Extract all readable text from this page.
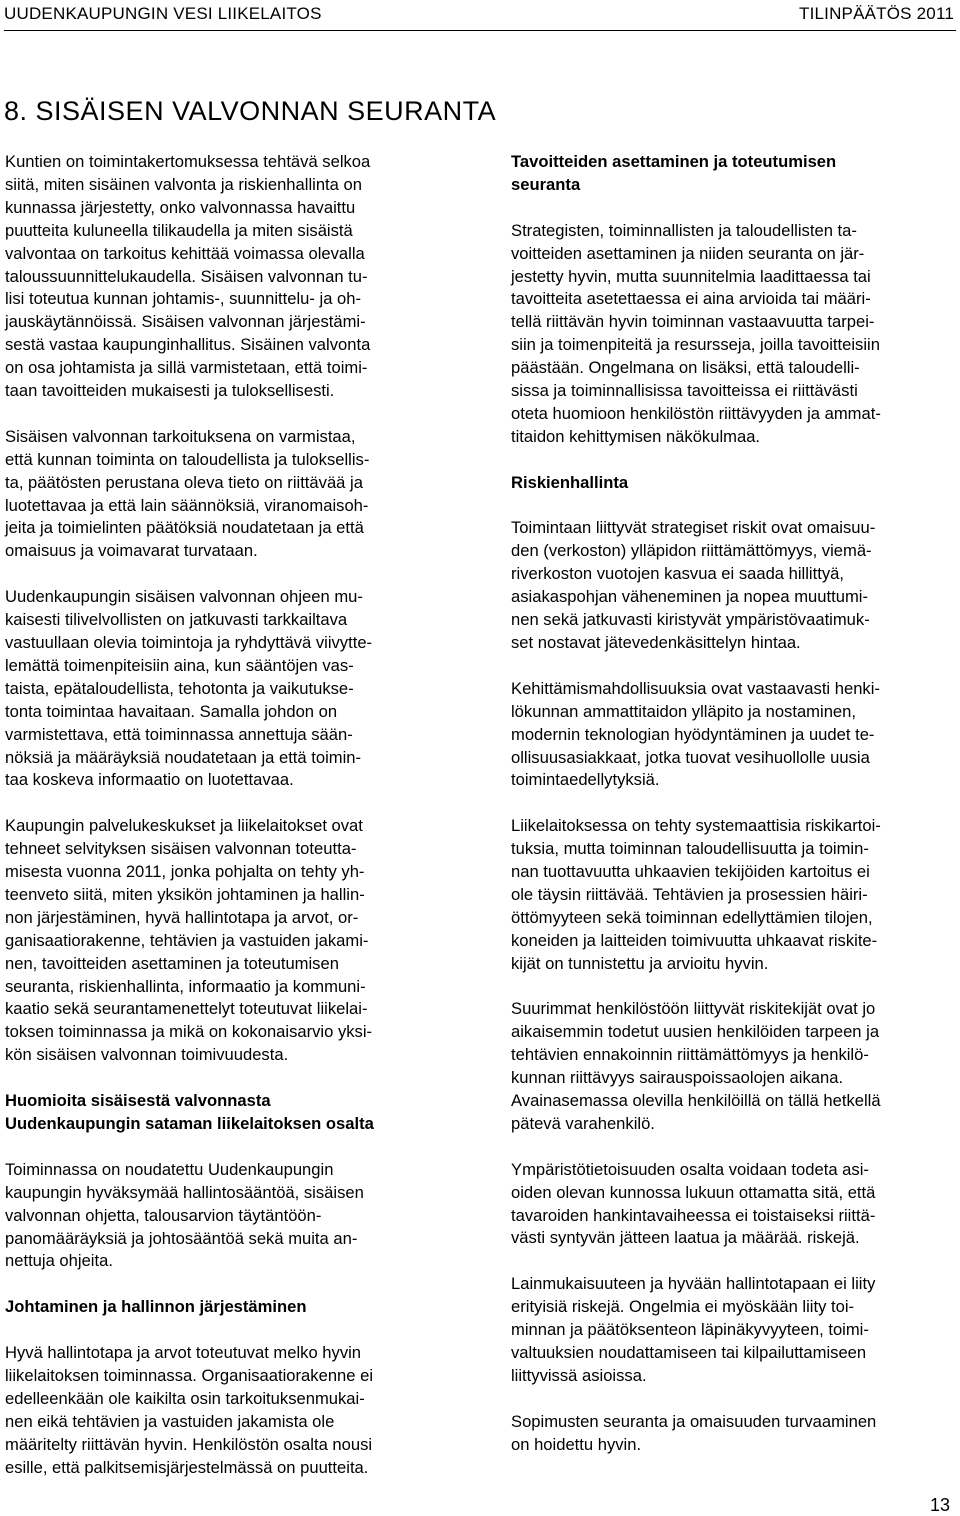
UUDENKAUPUNGIN VESI LIIKELAITOS	TILINPÄÄTÖS 2011
8. SISÄISEN VALVONNAN SEURANTA

Kuntien on toimintakertomuksessa tehtävä selkoa

siitä, miten sisäinen valvonta ja riskienhallinta on

kunnassa järjestetty, onko valvonnassa havaittu

puutteita kuluneella tilikaudella ja miten sisäistä

valvontaa on tarkoitus kehittää voimassa olevalla

taloussuunnittelukaudella. Sisäisen valvonnan tu-

lisi toteutua kunnan johtamis-, suunnittelu- ja oh-

jauskäytännöissä. Sisäisen valvonnan järjestämi-

sestä vastaa kaupunginhallitus. Sisäinen valvonta

on osa johtamista ja sillä varmistetaan, että toimi-

taan tavoitteiden mukaisesti ja tuloksellisesti.

Sisäisen valvonnan tarkoituksena on varmistaa,

että kunnan toiminta on taloudellista ja tuloksellis-

ta, päätösten perustana oleva tieto on riittävää ja

luotettavaa ja että lain säännöksiä, viranomaisoh-

jeita ja toimielinten päätöksiä noudatetaan ja että

omaisuus ja voimavarat turvataan.

Uudenkaupungin sisäisen valvonnan ohjeen mu-

kaisesti tilivelvollisten on jatkuvasti tarkkailtava

vastuullaan olevia toimintoja ja ryhdyttävä viivytte-

lemättä toimenpiteisiin aina, kun sääntöjen vas-

taista, epätaloudellista, tehotonta ja vaikutukse-

tonta toimintaa havaitaan. Samalla johdon on

varmistettava, että toiminnassa annettuja sään-

nöksiä ja määräyksiä noudatetaan ja että toimin-

taa koskeva informaatio on luotettavaa.

Kaupungin palvelukeskukset ja liikelaitokset ovat

tehneet selvityksen sisäisen valvonnan toteutta-

misesta vuonna 2011, jonka pohjalta on tehty yh-

teenveto siitä, miten yksikön johtaminen ja hallin-

non järjestäminen, hyvä hallintotapa ja arvot, or-

ganisaatiorakenne, tehtävien ja vastuiden jakami-

nen, tavoitteiden asettaminen ja toteutumisen

seuranta, riskienhallinta, informaatio ja kommuni-

kaatio sekä seurantamenettelyt toteutuvat liikelai-

toksen toiminnassa ja mikä on kokonaisarvio yksi-

kön sisäisen valvonnan toimivuudesta.

Huomioita sisäisestä valvonnasta

Uudenkaupungin sataman liikelaitoksen osalta

Toiminnassa on noudatettu Uudenkaupungin

kaupungin hyväksymää hallintosääntöä, sisäisen

valvonnan ohjetta, talousarvion täytäntöön-

panomääräyksiä ja johtosääntöä sekä muita an-

nettuja ohjeita.

Johtaminen ja hallinnon järjestäminen

Hyvä hallintotapa ja arvot toteutuvat melko hyvin

liikelaitoksen toiminnassa. Organisaatiorakenne ei

edelleenkään ole kaikilta osin tarkoituksenmukai-

nen eikä tehtävien ja vastuiden jakamista ole

määritelty riittävän hyvin. Henkilöstön osalta nousi

esille, että palkitsemisjärjestelmässä on puutteita.

Tavoitteiden asettaminen ja toteutumisen

seuranta

Strategisten, toiminnallisten ja taloudellisten ta-

voitteiden asettaminen ja niiden seuranta on jär-

jestetty hyvin, mutta suunnitelmia laadittaessa tai

tavoitteita asetettaessa ei aina arvioida tai määri-

tellä riittävän hyvin toiminnan vastaavuutta tarpei-

siin ja toimenpiteitä ja resursseja, joilla tavoitteisiin

päästään. Ongelmana on lisäksi, että taloudelli-

sissa ja toiminnallisissa tavoitteissa ei riittävästi

oteta huomioon henkilöstön riittävyyden ja ammat-

titaidon kehittymisen näkökulmaa.

Riskienhallinta

Toimintaan liittyvät strategiset riskit ovat omaisuu-

den (verkoston) ylläpidon riittämättömyys, viemä-

riverkoston vuotojen kasvua ei saada hillittyä,

asiakaspohjan väheneminen ja nopea muuttumi-

nen sekä jatkuvasti kiristyvät ympäristövaatimuk-

set nostavat jätevedenkäsittelyn hintaa.

Kehittämismahdollisuuksia ovat vastaavasti henki-

lökunnan ammattitaidon ylläpito ja nostaminen,

modernin teknologian hyödyntäminen ja uudet te-

ollisuusasiakkaat, jotka tuovat vesihuollolle uusia

toimintaedellytyksiä.

Liikelaitoksessa on tehty systemaattisia riskikartoi-

tuksia, mutta toiminnan taloudellisuutta ja toimin-

nan tuottavuutta uhkaavien tekijöiden kartoitus ei

ole täysin riittävää. Tehtävien ja prosessien häiri-

öttömyyteen sekä toiminnan edellyttämien tilojen,

koneiden ja laitteiden toimivuutta uhkaavat riskite-

kijät on tunnistettu ja arvioitu hyvin.

Suurimmat henkilöstöön liittyvät riskitekijät ovat jo

aikaisemmin todetut uusien henkilöiden tarpeen ja

tehtävien ennakoinnin riittämättömyys ja henkilö-

kunnan riittävyys sairauspoissaolojen aikana.

Avainasemassa olevilla henkilöillä on tällä hetkellä

pätevä varahenkilö.

Ympäristötietoisuuden osalta voidaan todeta asi-

oiden olevan kunnossa lukuun ottamatta sitä, että

tavaroiden hankintavaiheessa ei toistaiseksi riittä-

västi syntyvän jätteen laatua ja määrää. riskejä.

Lainmukaisuuteen ja hyvään hallintotapaan ei liity

erityisiä riskejä. Ongelmia ei myöskään liity toi-

minnan ja päätöksenteon läpinäkyvyyteen, toimi-

valtuuksien noudattamiseen tai kilpailuttamiseen

liittyvissä asioissa.

Sopimusten seuranta ja omaisuuden turvaaminen

on hoidettu hyvin.

13
